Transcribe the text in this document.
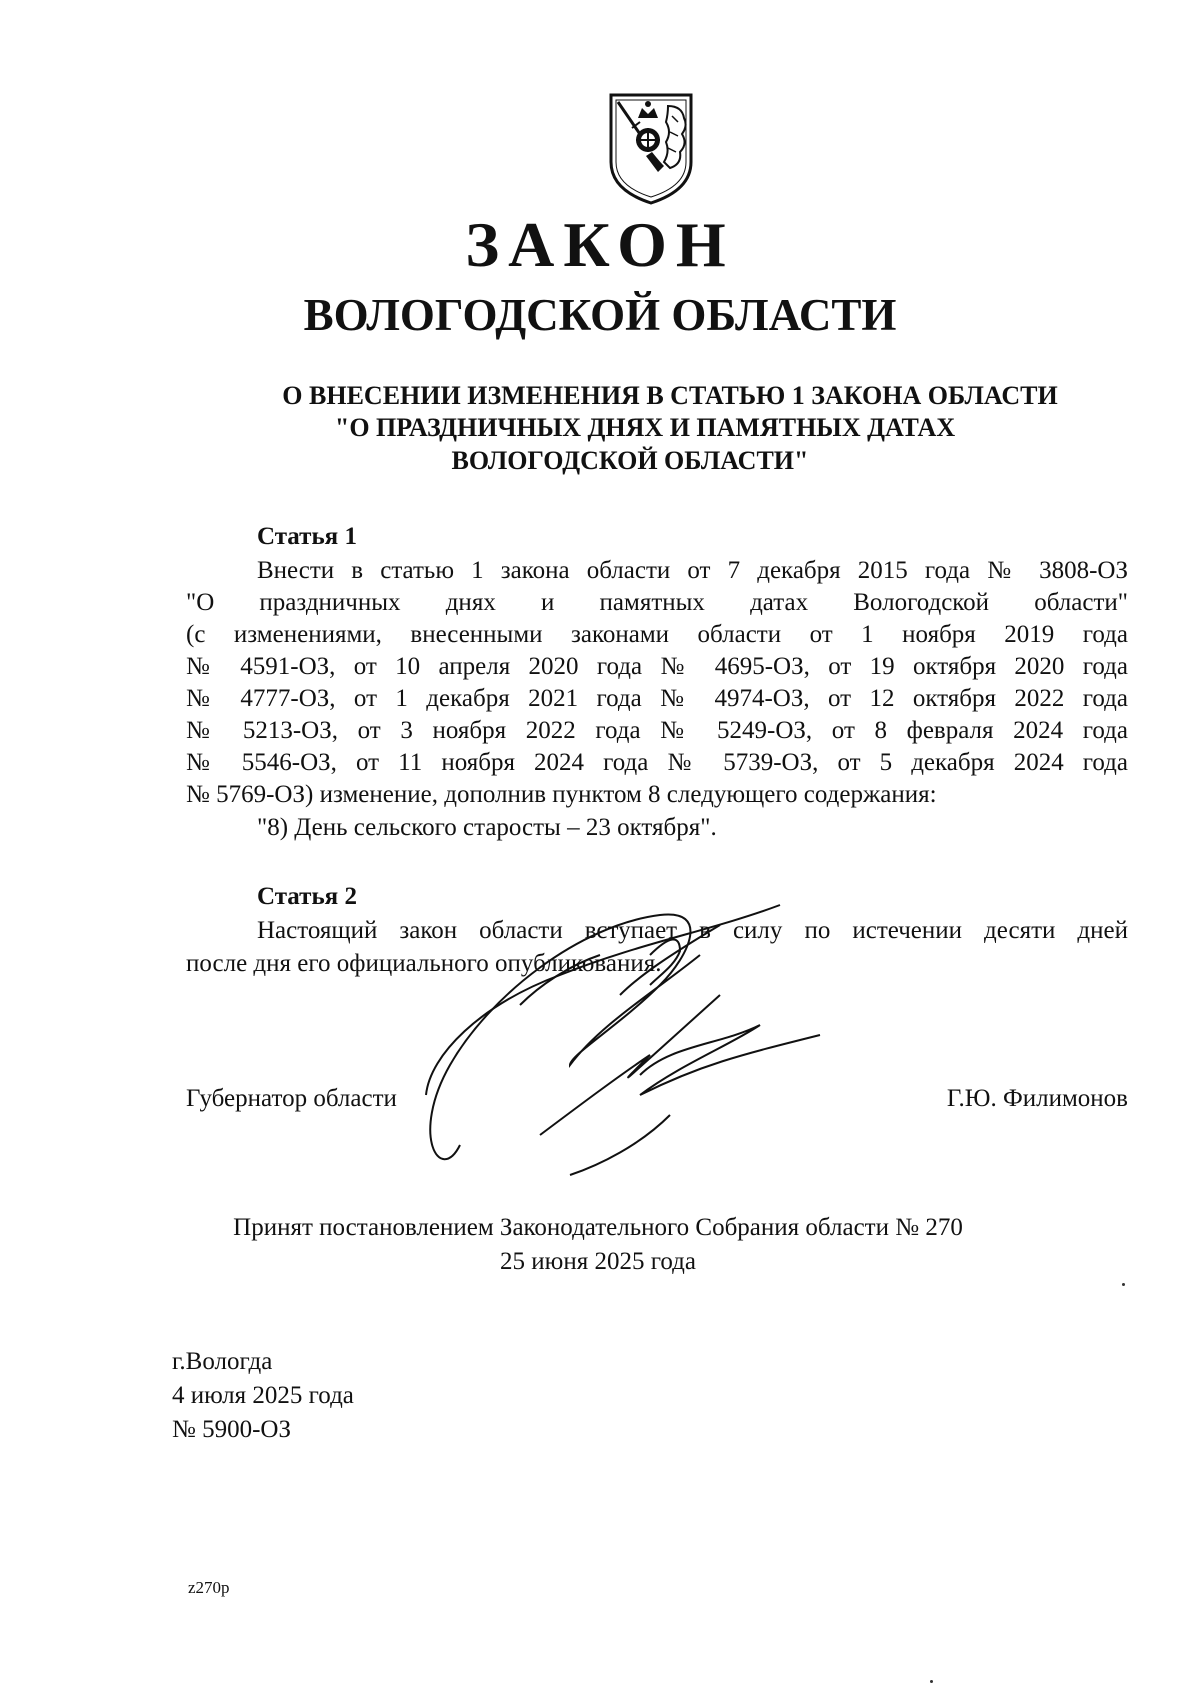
ЗАКОН
ВОЛОГОДСКОЙ ОБЛАСТИ
О ВНЕСЕНИИ ИЗМЕНЕНИЯ В СТАТЬЮ 1 ЗАКОНА ОБЛАСТИ
"О ПРАЗДНИЧНЫХ ДНЯХ И ПАМЯТНЫХ ДАТАХ
ВОЛОГОДСКОЙ ОБЛАСТИ"
Статья 1
Внести в статью 1 закона области от 7 декабря 2015 года № 3808-ОЗ
"О праздничных днях и памятных датах Вологодской области"
(с изменениями, внесенными законами области от 1 ноября 2019 года
№ 4591-ОЗ, от 10 апреля 2020 года № 4695-ОЗ, от 19 октября 2020 года
№ 4777-ОЗ, от 1 декабря 2021 года № 4974-ОЗ, от 12 октября 2022 года
№ 5213-ОЗ, от 3 ноября 2022 года № 5249-ОЗ, от 8 февраля 2024 года
№ 5546-ОЗ, от 11 ноября 2024 года № 5739-ОЗ, от 5 декабря 2024 года
№ 5769-ОЗ) изменение, дополнив пунктом 8 следующего содержания:
"8) День сельского старосты – 23 октября".
Статья 2
Настоящий закон области вступает в силу по истечении десяти дней
после дня его официального опубликования.
Губернатор области	Г.Ю. Филимонов
Принят постановлением Законодательного Собрания области № 270
25 июня 2025 года
г.Вологда
4 июля 2025 года
№ 5900-ОЗ
z270p
